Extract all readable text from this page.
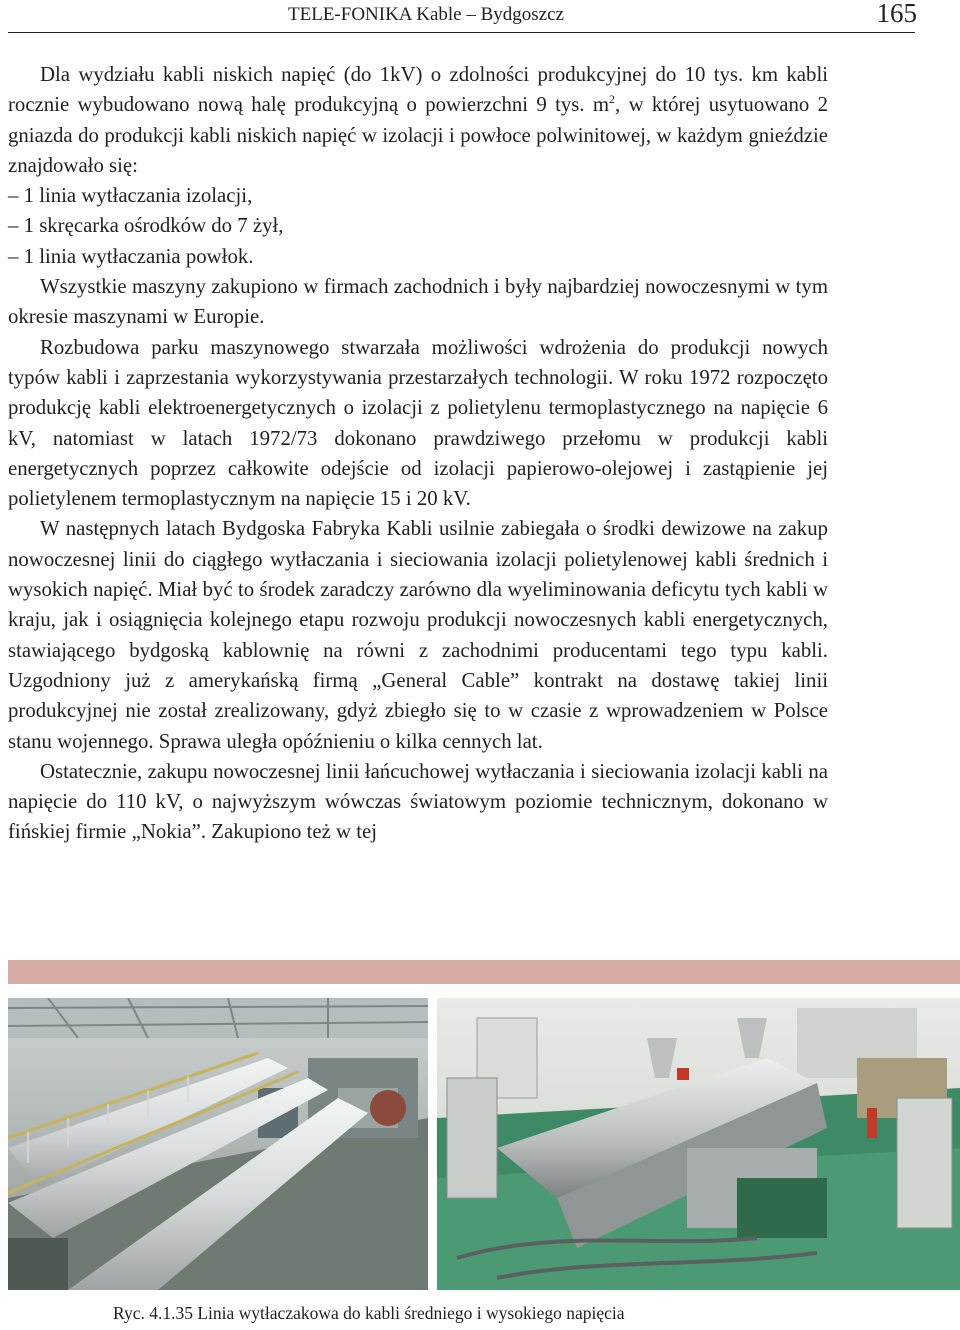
TELE-FONIKA Kable – Bydgoszcz	165

Dla wydziału kabli niskich napięć (do 1kV) o zdolności produkcyjnej do 10 tys. km kabli rocznie wybudowano nową halę produkcyjną o powierzchni 9 tys. $m^2$, w której usytuowano 2 gniazda do produkcji kabli niskich napięć w izolacji i powłoce polwinitowej, w każdym gnieździe znajdowało się:

– 1 linia wytłaczania izolacji,
– 1 skręcarka ośrodków do 7 żył,
– 1 linia wytłaczania powłok.

Wszystkie maszyny zakupiono w firmach zachodnich i były najbardziej nowoczesnymi w tym okresie maszynami w Europie.

Rozbudowa parku maszynowego stwarzała możliwości wdrożenia do produkcji nowych typów kabli i zaprzestania wykorzystywania przestarzałych technologii. W roku 1972 rozpoczęto produkcję kabli elektroenergetycznych o izolacji z polietylenu termoplastycznego na napięcie 6 kV, natomiast w latach 1972/73 dokonano prawdziwego przełomu w produkcji kabli energetycznych poprzez całkowite odejście od izolacji papierowo-olejowej i zastąpienie jej polietylenem termoplastycznym na napięcie 15 i 20 kV.

W następnych latach Bydgoska Fabryka Kabli usilnie zabiegała o środki dewizowe na zakup nowoczesnej linii do ciągłego wytłaczania i sieciowania izolacji polietylenowej kabli średnich i wysokich napięć. Miał być to środek zaradczy zarówno dla wyeliminowania deficytu tych kabli w kraju, jak i osiągnięcia kolejnego etapu rozwoju produkcji nowoczesnych kabli energetycznych, stawiającego bydgoską kablownię na równi z zachodnimi producentami tego typu kabli. Uzgodniony już z amerykańską firmą „General Cable” kontrakt na dostawę takiej linii produkcyjnej nie został zrealizowany, gdyż zbiegło się to w czasie z wprowadzeniem w Polsce stanu wojennego. Sprawa uległa opóźnieniu o kilka cennych lat.

Ostatecznie, zakupu nowoczesnej linii łańcuchowej wytłaczania i sieciowania izolacji kabli na napięcie do 110 kV, o najwyższym wówczas światowym poziomie technicznym, dokonano w fińskiej firmie „Nokia”. Zakupiono też w tej

Ryc. 4.1.35 Linia wytłaczakowa do kabli średniego i wysokiego napięcia
